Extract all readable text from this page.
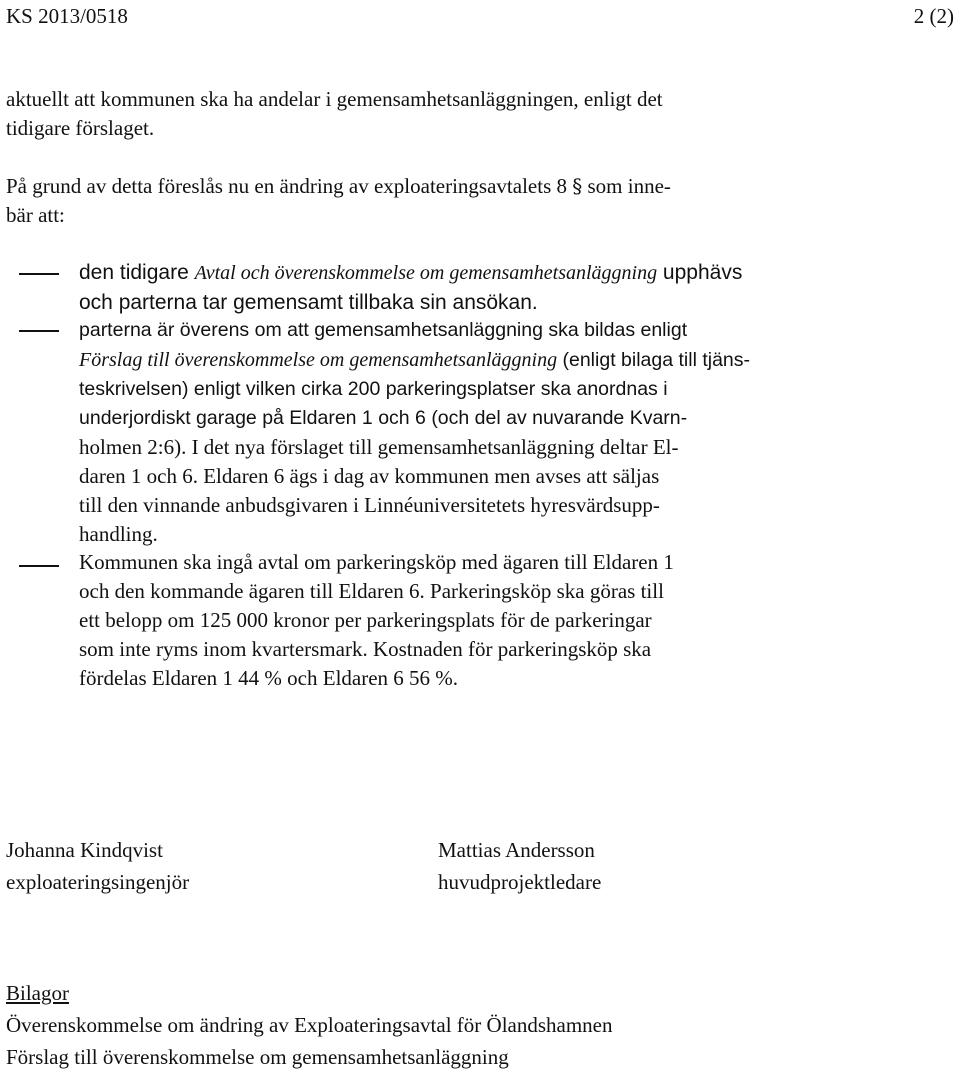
KS 2013/0518	2 (2)

aktuellt att kommunen ska ha andelar i gemensamhetsanläggningen, enligt det
tidigare förslaget.

På grund av detta föreslås nu en ändring av exploateringsavtalets 8 § som inne-
bär att:

den tidigare Avtal och överenskommelse om gemensamhetsanläggning upphävs
och parterna tar gemensamt tillbaka sin ansökan.

parterna är överens om att gemensamhetsanläggning ska bildas enligt
Förslag till överenskommelse om gemensamhetsanläggning (enligt bilaga till tjäns-
teskrivelsen) enligt vilken cirka 200 parkeringsplatser ska anordnas i
underjordiskt garage på Eldaren 1 och 6 (och del av nuvarande Kvarn-
holmen 2:6). I det nya förslaget till gemensamhetsanläggning deltar El-
daren 1 och 6. Eldaren 6 ägs i dag av kommunen men avses att säljas
till den vinnande anbudsgivaren i Linnéuniversitetets hyresvärdsupp-
handling.

Kommunen ska ingå avtal om parkeringsköp med ägaren till Eldaren 1
och den kommande ägaren till Eldaren 6. Parkeringsköp ska göras till
ett belopp om 125 000 kronor per parkeringsplats för de parkeringar
som inte ryms inom kvartersmark. Kostnaden för parkeringsköp ska
fördelas Eldaren 1 44 % och Eldaren 6 56 %.

Johanna Kindqvist
exploateringsingenjör
Mattias Andersson
huvudprojektledare
Bilagor
Överenskommelse om ändring av Exploateringsavtal för Ölandshamnen
Förslag till överenskommelse om gemensamhetsanläggning
